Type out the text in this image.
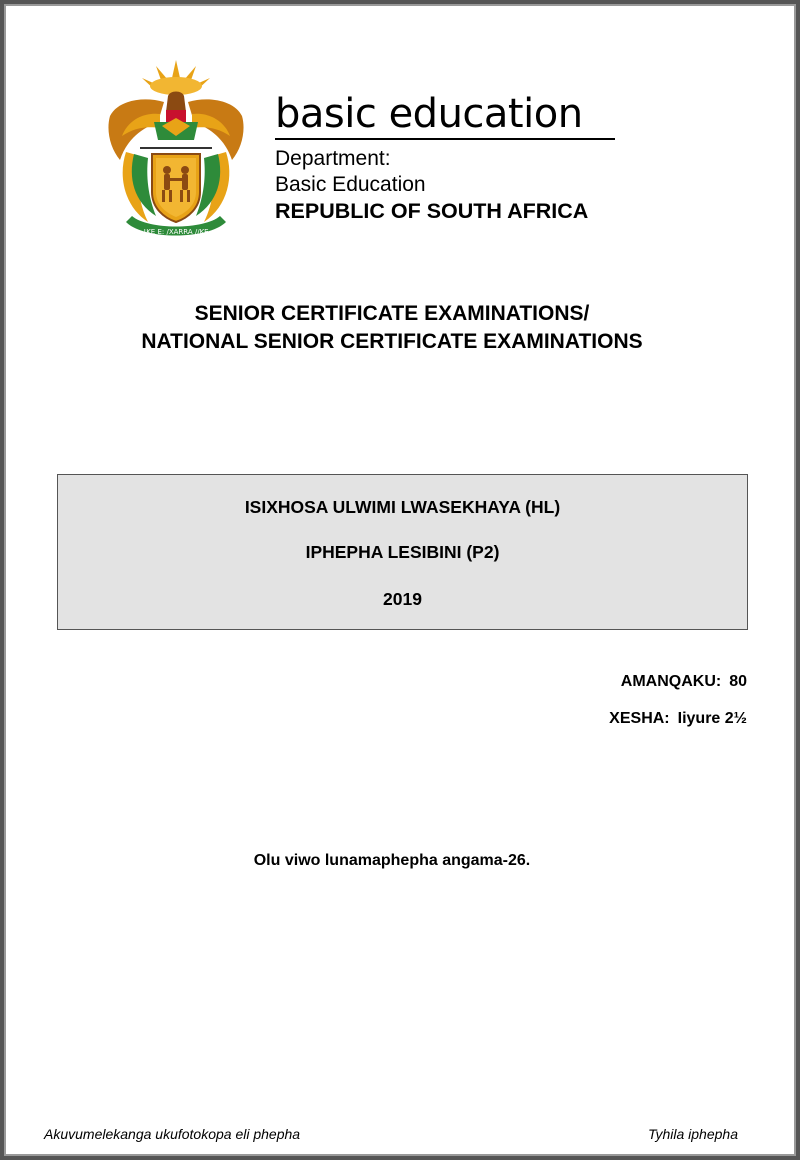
!KE E: /XARRA //KE
basic education
Department:
Basic Education
REPUBLIC OF SOUTH AFRICA
SENIOR CERTIFICATE EXAMINATIONS/
NATIONAL SENIOR CERTIFICATE EXAMINATIONS
ISIXHOSA ULWIMI LWASEKHAYA (HL)
IPHEPHA LESIBINI (P2)
2019
AMANQAKU: 80
XESHA: Iiyure 2½
Olu viwo lunamaphepha angama-26.
Akuvumelekanga ukufotokopa eli phepha	Tyhila iphepha
